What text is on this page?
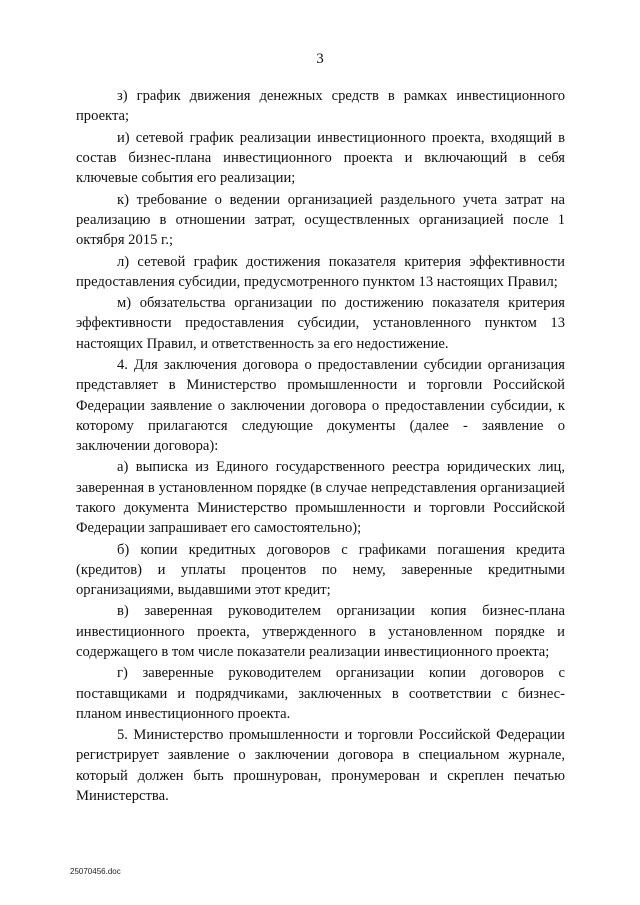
3

з) график движения денежных средств в рамках инвестиционного проекта;

и) сетевой график реализации инвестиционного проекта, входящий в состав бизнес-плана инвестиционного проекта и включающий в себя ключевые события его реализации;

к) требование о ведении организацией раздельного учета затрат на реализацию в отношении затрат, осуществленных организацией после 1 октября 2015 г.;

л) сетевой график достижения показателя критерия эффективности предоставления субсидии, предусмотренного пунктом 13 настоящих Правил;

м) обязательства организации по достижению показателя критерия эффективности предоставления субсидии, установленного пунктом 13 настоящих Правил, и ответственность за его недостижение.

4. Для заключения договора о предоставлении субсидии организация представляет в Министерство промышленности и торговли Российской Федерации заявление о заключении договора о предоставлении субсидии, к которому прилагаются следующие документы (далее - заявление о заключении договора):

а) выписка из Единого государственного реестра юридических лиц, заверенная в установленном порядке (в случае непредставления организацией такого документа Министерство промышленности и торговли Российской Федерации запрашивает его самостоятельно);

б) копии кредитных договоров с графиками погашения кредита (кредитов) и уплаты процентов по нему, заверенные кредитными организациями, выдавшими этот кредит;

в) заверенная руководителем организации копия бизнес-плана инвестиционного проекта, утвержденного в установленном порядке и содержащего в том числе показатели реализации инвестиционного проекта;

г) заверенные руководителем организации копии договоров с поставщиками и подрядчиками, заключенных в соответствии с бизнес-планом инвестиционного проекта.

5. Министерство промышленности и торговли Российской Федерации регистрирует заявление о заключении договора в специальном журнале, который должен быть прошнурован, пронумерован и скреплен печатью Министерства.

25070456.doc
